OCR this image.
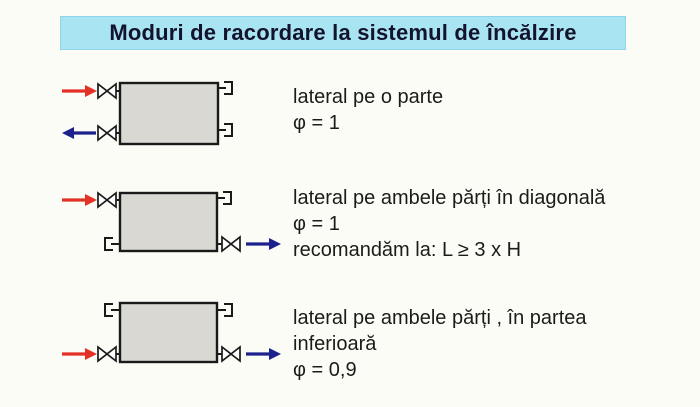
Moduri de racordare la sistemul de încălzire
lateral pe o parte
φ = 1
lateral pe ambele părți în diagonală
φ = 1
recomandăm la: L ≥ 3 x H
lateral pe ambele părți , în partea
inferioară
φ = 0,9
